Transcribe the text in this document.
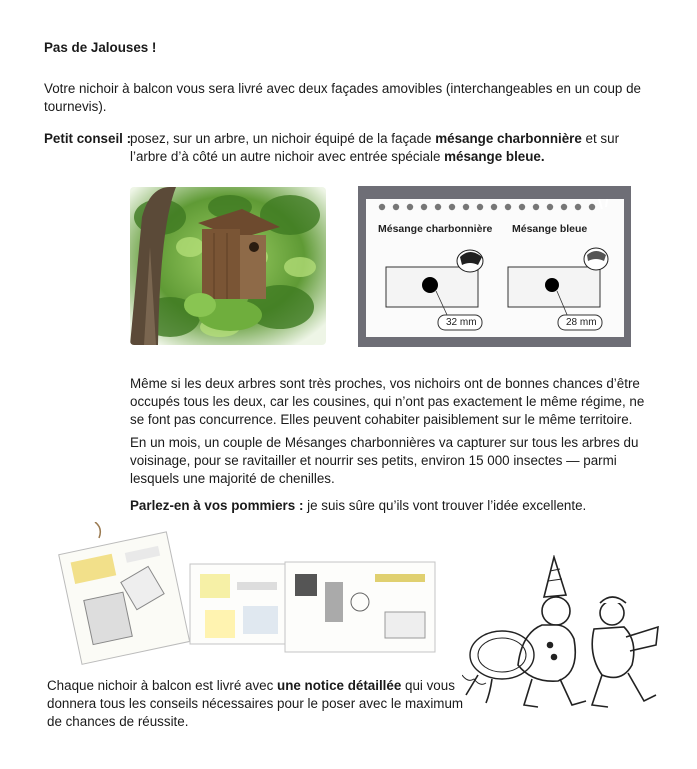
Pas de Jalouses !

Votre nichoir à balcon vous sera livré avec deux façades amovibles (interchangeables en un coup de tournevis).

Petit conseil :

posez, sur un arbre, un nichoir équipé de la façade mésange charbonnière et sur l’arbre d’à côté un autre nichoir avec entrée spéciale mésange bleue.

Mésange charbonnière Mésange bleue
32 mm	28 mm

Même si les deux arbres sont très proches, vos nichoirs ont de bonnes chances d’être occupés tous les deux, car les cousines, qui n’ont pas exactement le même régime, ne se font pas concurrence. Elles peuvent cohabiter paisiblement sur le même territoire.

En un mois, un couple de Mésanges charbonnières va capturer sur tous les arbres du voisinage, pour se ravitailler et nourrir ses petits, environ 15 000 insectes — parmi lesquels une majorité de chenilles.

Parlez-en à vos pommiers : je suis sûre qu’ils vont trouver l’idée excellente.

Chaque nichoir à balcon est livré avec une notice détaillée qui vous donnera tous les conseils nécessaires pour le poser avec le maximum de chances de réussite.
